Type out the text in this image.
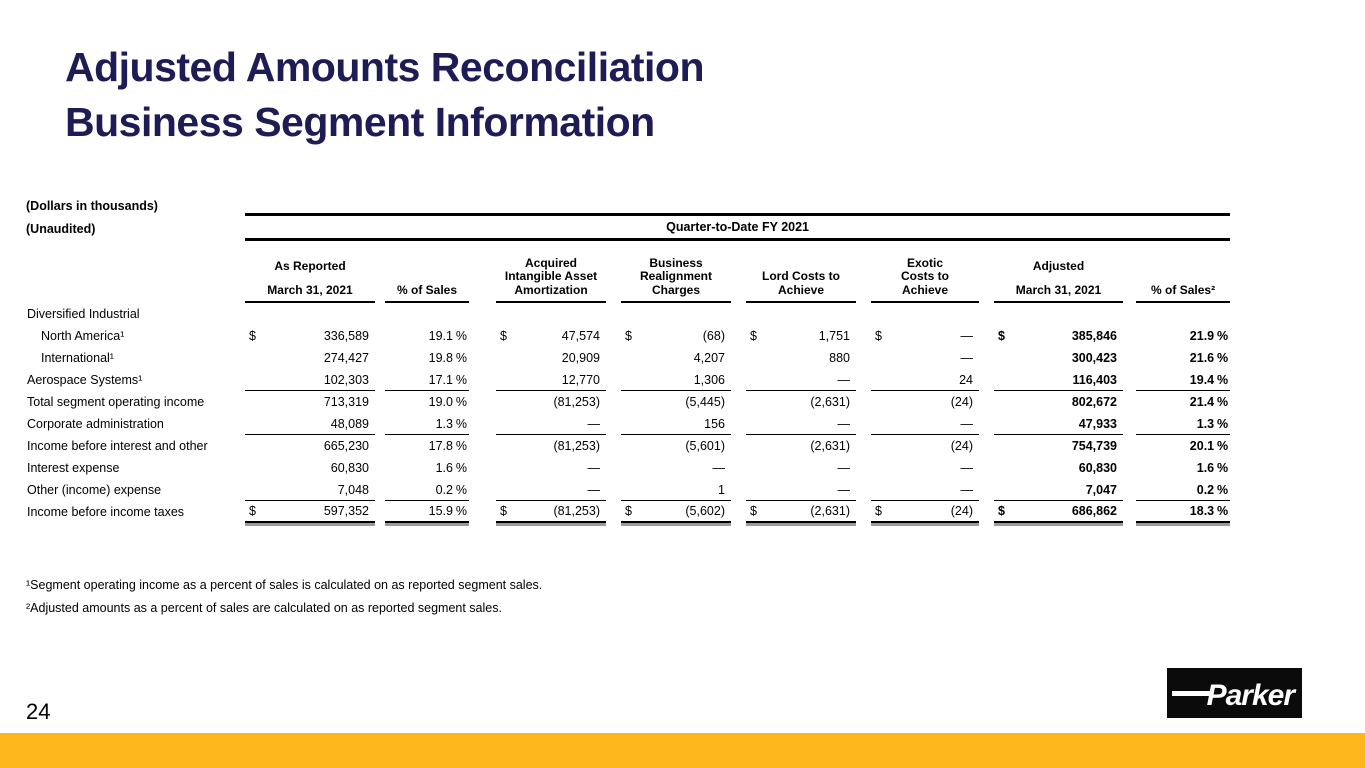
Adjusted Amounts Reconciliation
Business Segment Information
(Dollars in thousands)
(Unaudited)
		Quarter-to-Date FY 2021														

As Reported
March 31, 2021		% of Sales

Acquired
Intangible Asset
Amortization

Business
Realignment
Charges

Lord Costs to
Achieve

Exotic
Costs to
Achieve

Adjusted
March 31, 2021		% of Sales²

Diversified Industrial															
North America¹	$ 336,589		19.1 %		$ 47,574		$ (68)		$ 1,751		$ —		$ 385,846		21.9 %
International¹	274,427		19.8 %		20,909		4,207		880		—		300,423		21.6 %
Aerospace Systems¹	102,303		17.1 %		12,770		1,306		—		24		116,403		19.4 %
Total segment operating income	713,319		19.0 %		(81,253)		(5,445)		(2,631)		(24)		802,672		21.4 %
Corporate administration	48,089		1.3 %		—		156		—		—		47,933		1.3 %
Income before interest and other	665,230		17.8 %		(81,253)		(5,601)		(2,631)		(24)		754,739		20.1 %
Interest expense	60,830		1.6 %		—		—		—		—		60,830		1.6 %
Other (income) expense	7,048		0.2 %		—		1		—		—		7,047		0.2 %
Income before income taxes	$ 597,352		15.9 %		$ (81,253)		$ (5,602)		$ (2,631)		$ (24)		$ 686,862		18.3 %
¹Segment operating income as a percent of sales is calculated on as reported segment sales.
²Adjusted amounts as a percent of sales are calculated on as reported segment sales.
24	Parker
